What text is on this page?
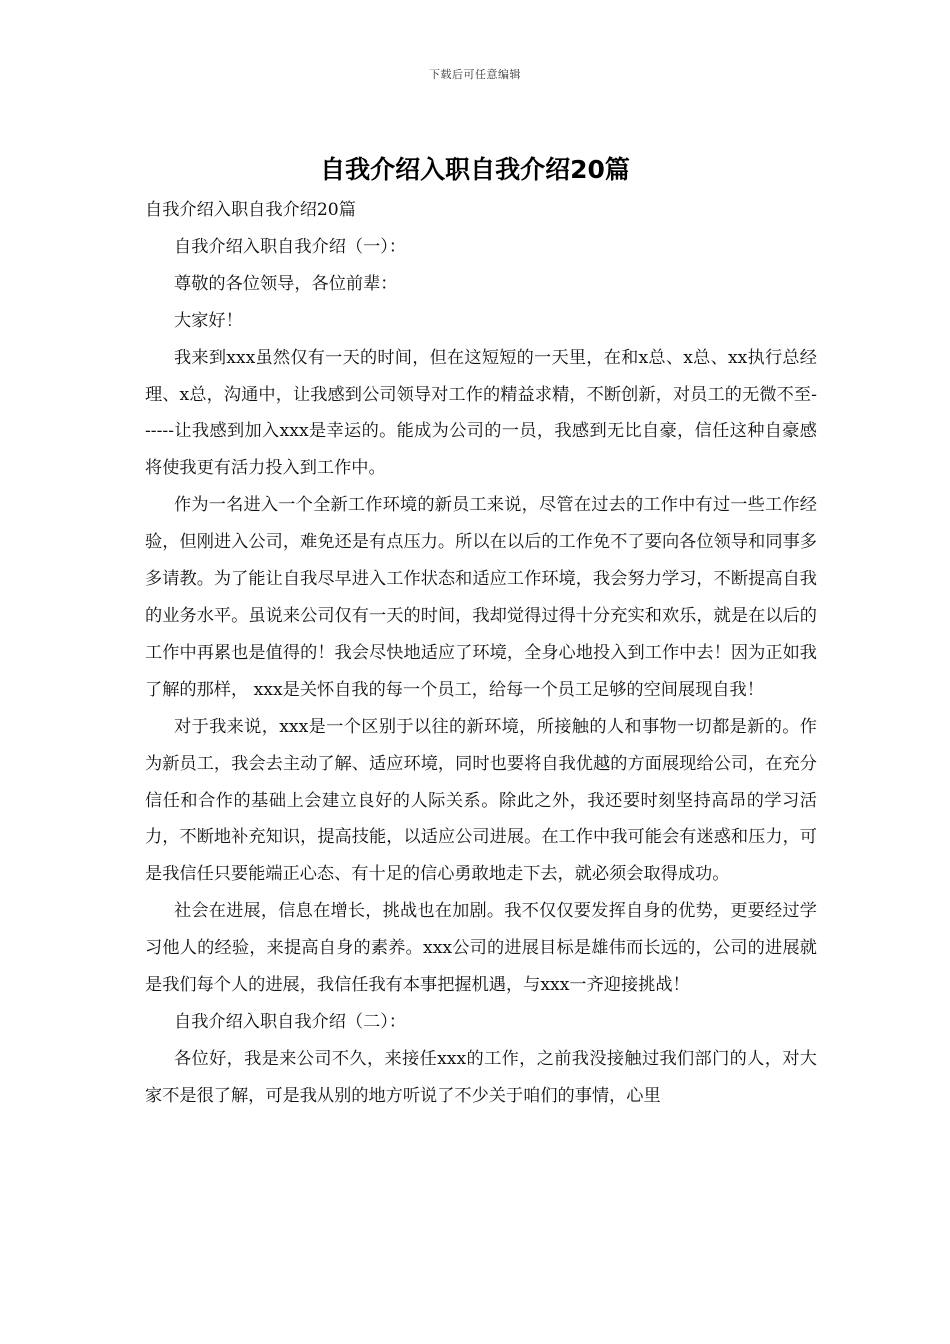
下载后可任意编辑
自我介绍入职自我介绍20篇

自我介绍入职自我介绍20篇

自我介绍入职自我介绍（一）：

尊敬的各位领导，各位前辈：

大家好！

我来到xxx虽然仅有一天的时间，但在这短短的一天里，在和x总、x总、xx执行总经理、x总，沟通中，让我感到公司领导对工作的精益求精，不断创新，对员工的无微不至------让我感到加入xxx是幸运的。能成为公司的一员，我感到无比自豪，信任这种自豪感将使我更有活力投入到工作中。

作为一名进入一个全新工作环境的新员工来说，尽管在过去的工作中有过一些工作经验，但刚进入公司，难免还是有点压力。所以在以后的工作免不了要向各位领导和同事多多请教。为了能让自我尽早进入工作状态和适应工作环境，我会努力学习，不断提高自我的业务水平。虽说来公司仅有一天的时间，我却觉得过得十分充实和欢乐，就是在以后的工作中再累也是值得的！我会尽快地适应了环境，全身心地投入到工作中去！因为正如我了解的那样， xxx是关怀自我的每一个员工，给每一个员工足够的空间展现自我！

对于我来说，xxx是一个区别于以往的新环境，所接触的人和事物一切都是新的。作为新员工，我会去主动了解、适应环境，同时也要将自我优越的方面展现给公司，在充分信任和合作的基础上会建立良好的人际关系。除此之外，我还要时刻坚持高昂的学习活力，不断地补充知识，提高技能，以适应公司进展。在工作中我可能会有迷惑和压力，可是我信任只要能端正心态、有十足的信心勇敢地走下去，就必须会取得成功。

社会在进展，信息在增长，挑战也在加剧。我不仅仅要发挥自身的优势，更要经过学习他人的经验，来提高自身的素养。xxx公司的进展目标是雄伟而长远的，公司的进展就是我们每个人的进展，我信任我有本事把握机遇，与xxx一齐迎接挑战！

自我介绍入职自我介绍（二）：

各位好，我是来公司不久，来接任xxx的工作，之前我没接触过我们部门的人，对大家不是很了解，可是我从别的地方听说了不少关于咱们的事情，心里
